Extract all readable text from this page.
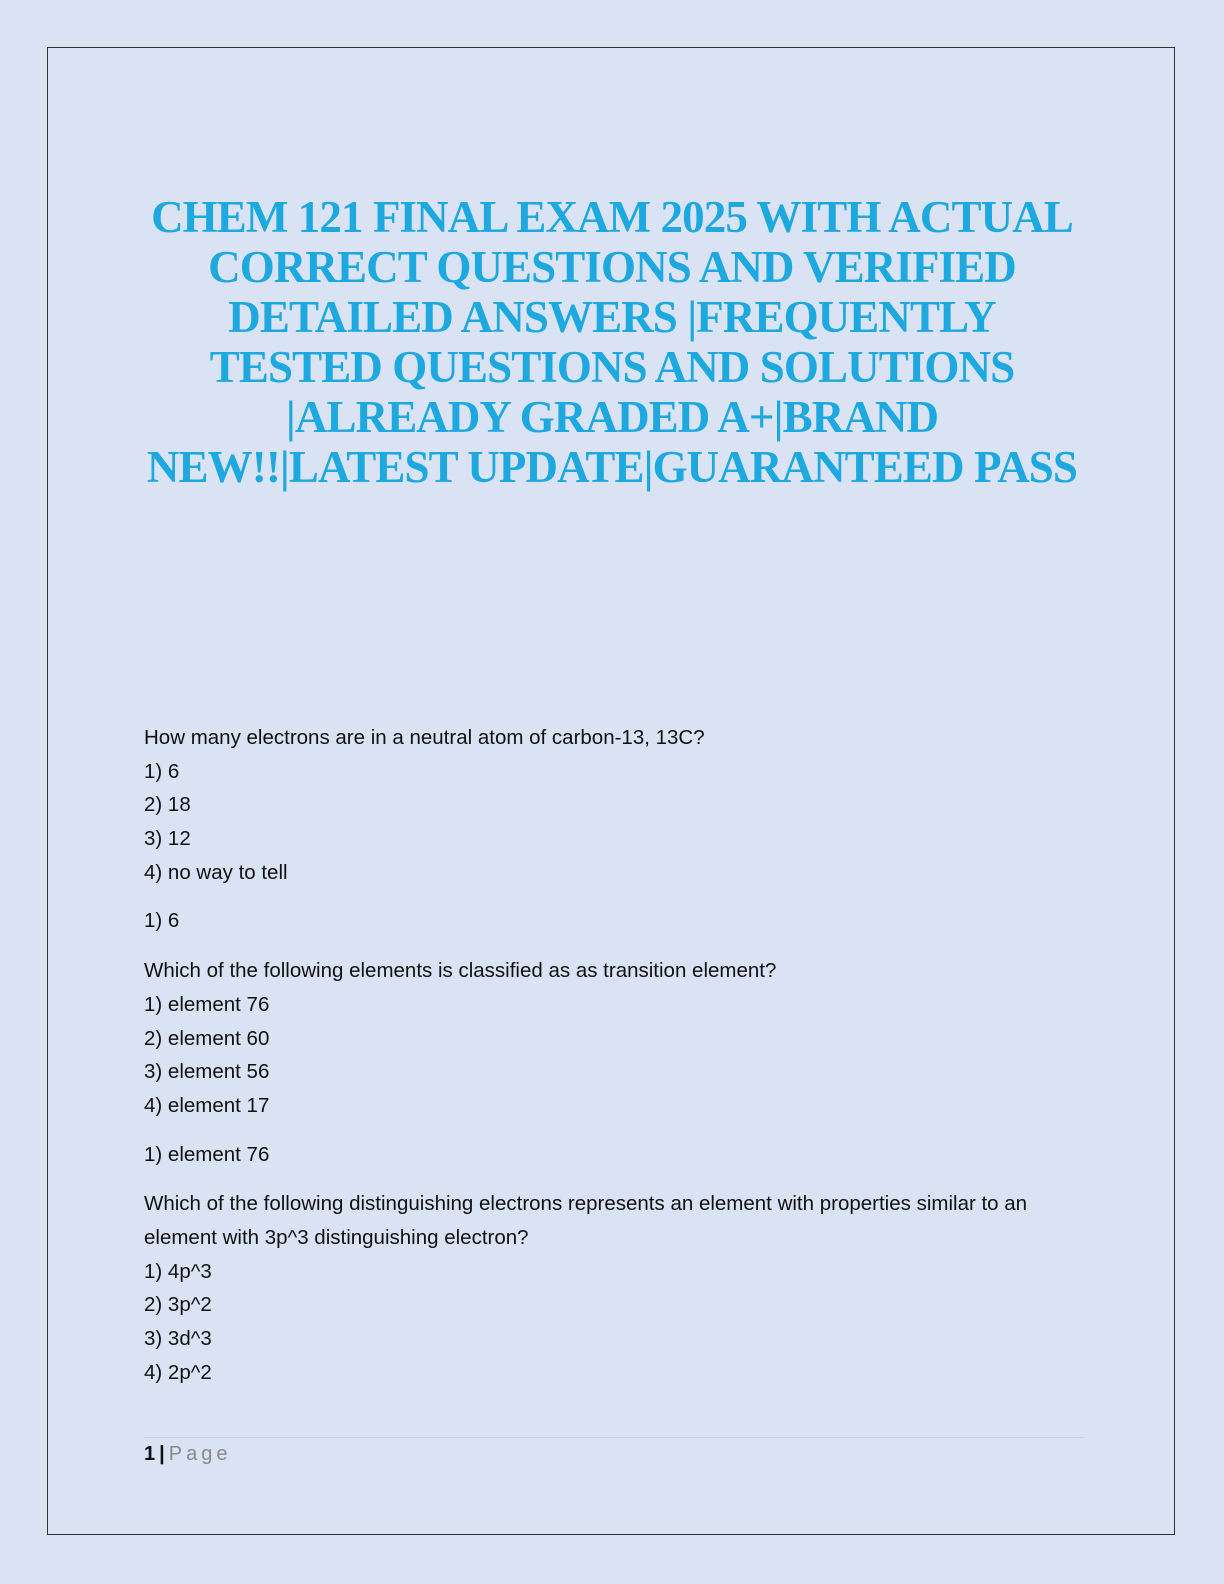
CHEM 121 FINAL EXAM 2025 WITH ACTUAL CORRECT QUESTIONS AND VERIFIED DETAILED ANSWERS |FREQUENTLY TESTED QUESTIONS AND SOLUTIONS |ALREADY GRADED A+|BRAND NEW!!|LATEST UPDATE|GUARANTEED PASS
How many electrons are in a neutral atom of carbon-13, 13C?
1) 6
2) 18
3) 12
4) no way to tell
1) 6
Which of the following elements is classified as as transition element?
1) element 76
2) element 60
3) element 56
4) element 17
1) element 76
Which of the following distinguishing electrons represents an element with properties similar to an element with 3p^3 distinguishing electron?
1) 4p^3
2) 3p^2
3) 3d^3
4) 2p^2
1 | Page
